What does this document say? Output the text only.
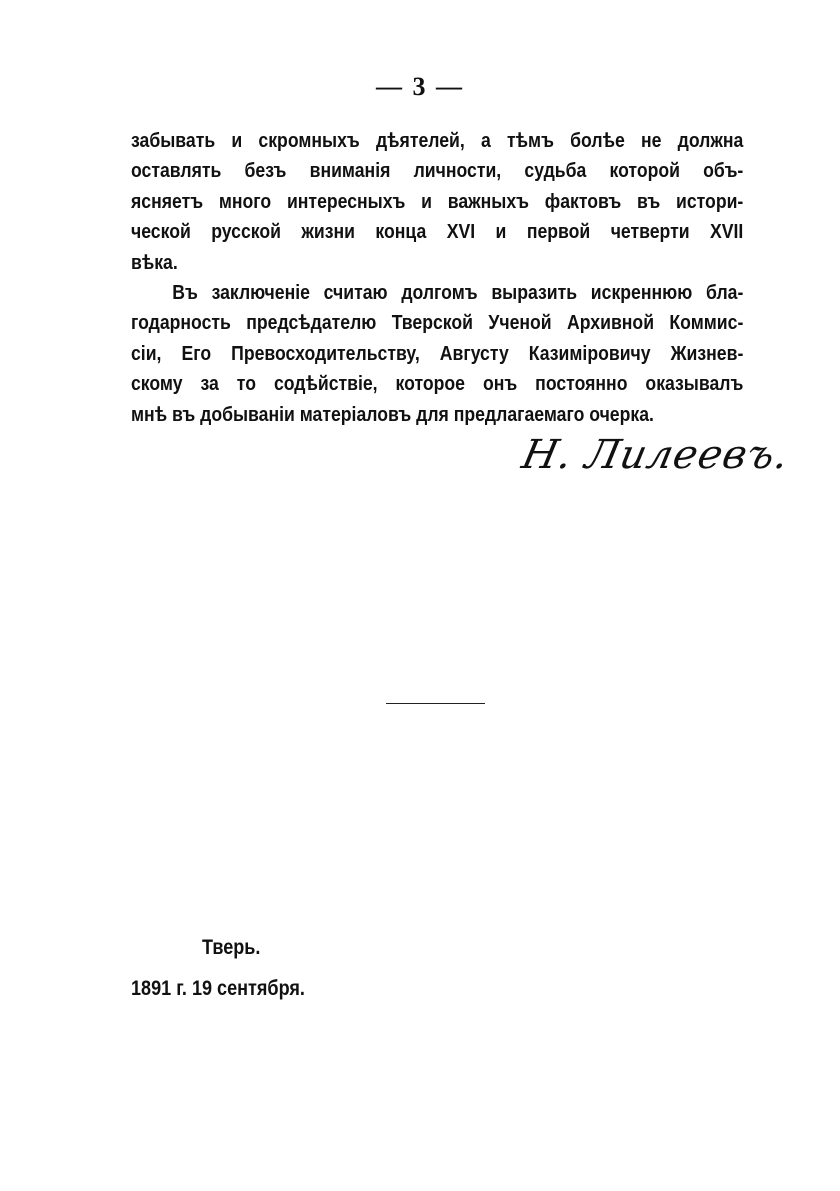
— 3 —
забывать и скромныхъ дѣятелей, а тѣмъ болѣе не должна
оставлять безъ вниманія личности, судьба которой объ-
ясняетъ много интересныхъ и важныхъ фактовъ въ истори-
ческой русской жизни конца XVI и первой четверти XVII
вѣка.
Въ заключеніе считаю долгомъ выразить искреннюю бла-
годарность предсѣдателю Тверской Ученой Архивной Коммис-
сіи, Его Превосходительству, Августу Казиміровичу Жизнев-
скому за то содѣйствіе, которое онъ постоянно оказывалъ
мнѣ въ добываніи матеріаловъ для предлагаемаго очерка.
Н. Лилеевъ.
Тверь.
1891 г. 19 сентября.
